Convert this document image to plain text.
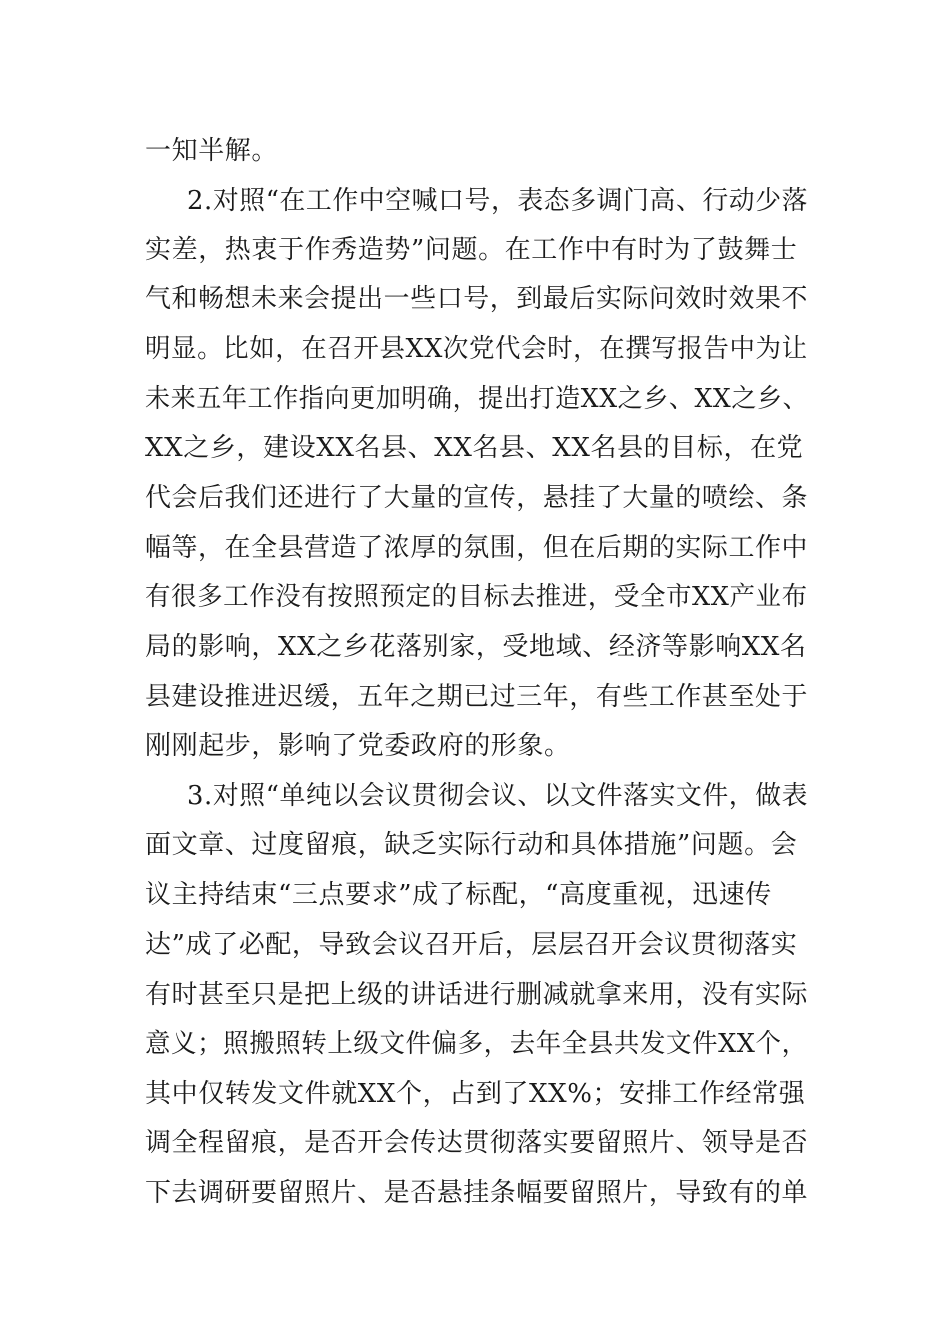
一知半解。
2.对照“在工作中空喊口号，表态多调门高、行动少落
实差，热衷于作秀造势”问题。在工作中有时为了鼓舞士
气和畅想未来会提出一些口号，到最后实际问效时效果不
明显。比如，在召开县XX次党代会时，在撰写报告中为让
未来五年工作指向更加明确，提出打造XX之乡、XX之乡、
XX之乡，建设XX名县、XX名县、XX名县的目标，在党
代会后我们还进行了大量的宣传，悬挂了大量的喷绘、条
幅等，在全县营造了浓厚的氛围，但在后期的实际工作中
有很多工作没有按照预定的目标去推进，受全市XX产业布
局的影响，XX之乡花落别家，受地域、经济等影响XX名
县建设推进迟缓，五年之期已过三年，有些工作甚至处于
刚刚起步，影响了党委政府的形象。
3.对照“单纯以会议贯彻会议、以文件落实文件，做表
面文章、过度留痕，缺乏实际行动和具体措施”问题。会
议主持结束“三点要求”成了标配，“高度重视，迅速传
达”成了必配，导致会议召开后，层层召开会议贯彻落实
有时甚至只是把上级的讲话进行删减就拿来用，没有实际
意义；照搬照转上级文件偏多，去年全县共发文件XX个，
其中仅转发文件就XX个，占到了XX%；安排工作经常强
调全程留痕，是否开会传达贯彻落实要留照片、领导是否
下去调研要留照片、是否悬挂条幅要留照片，导致有的单
